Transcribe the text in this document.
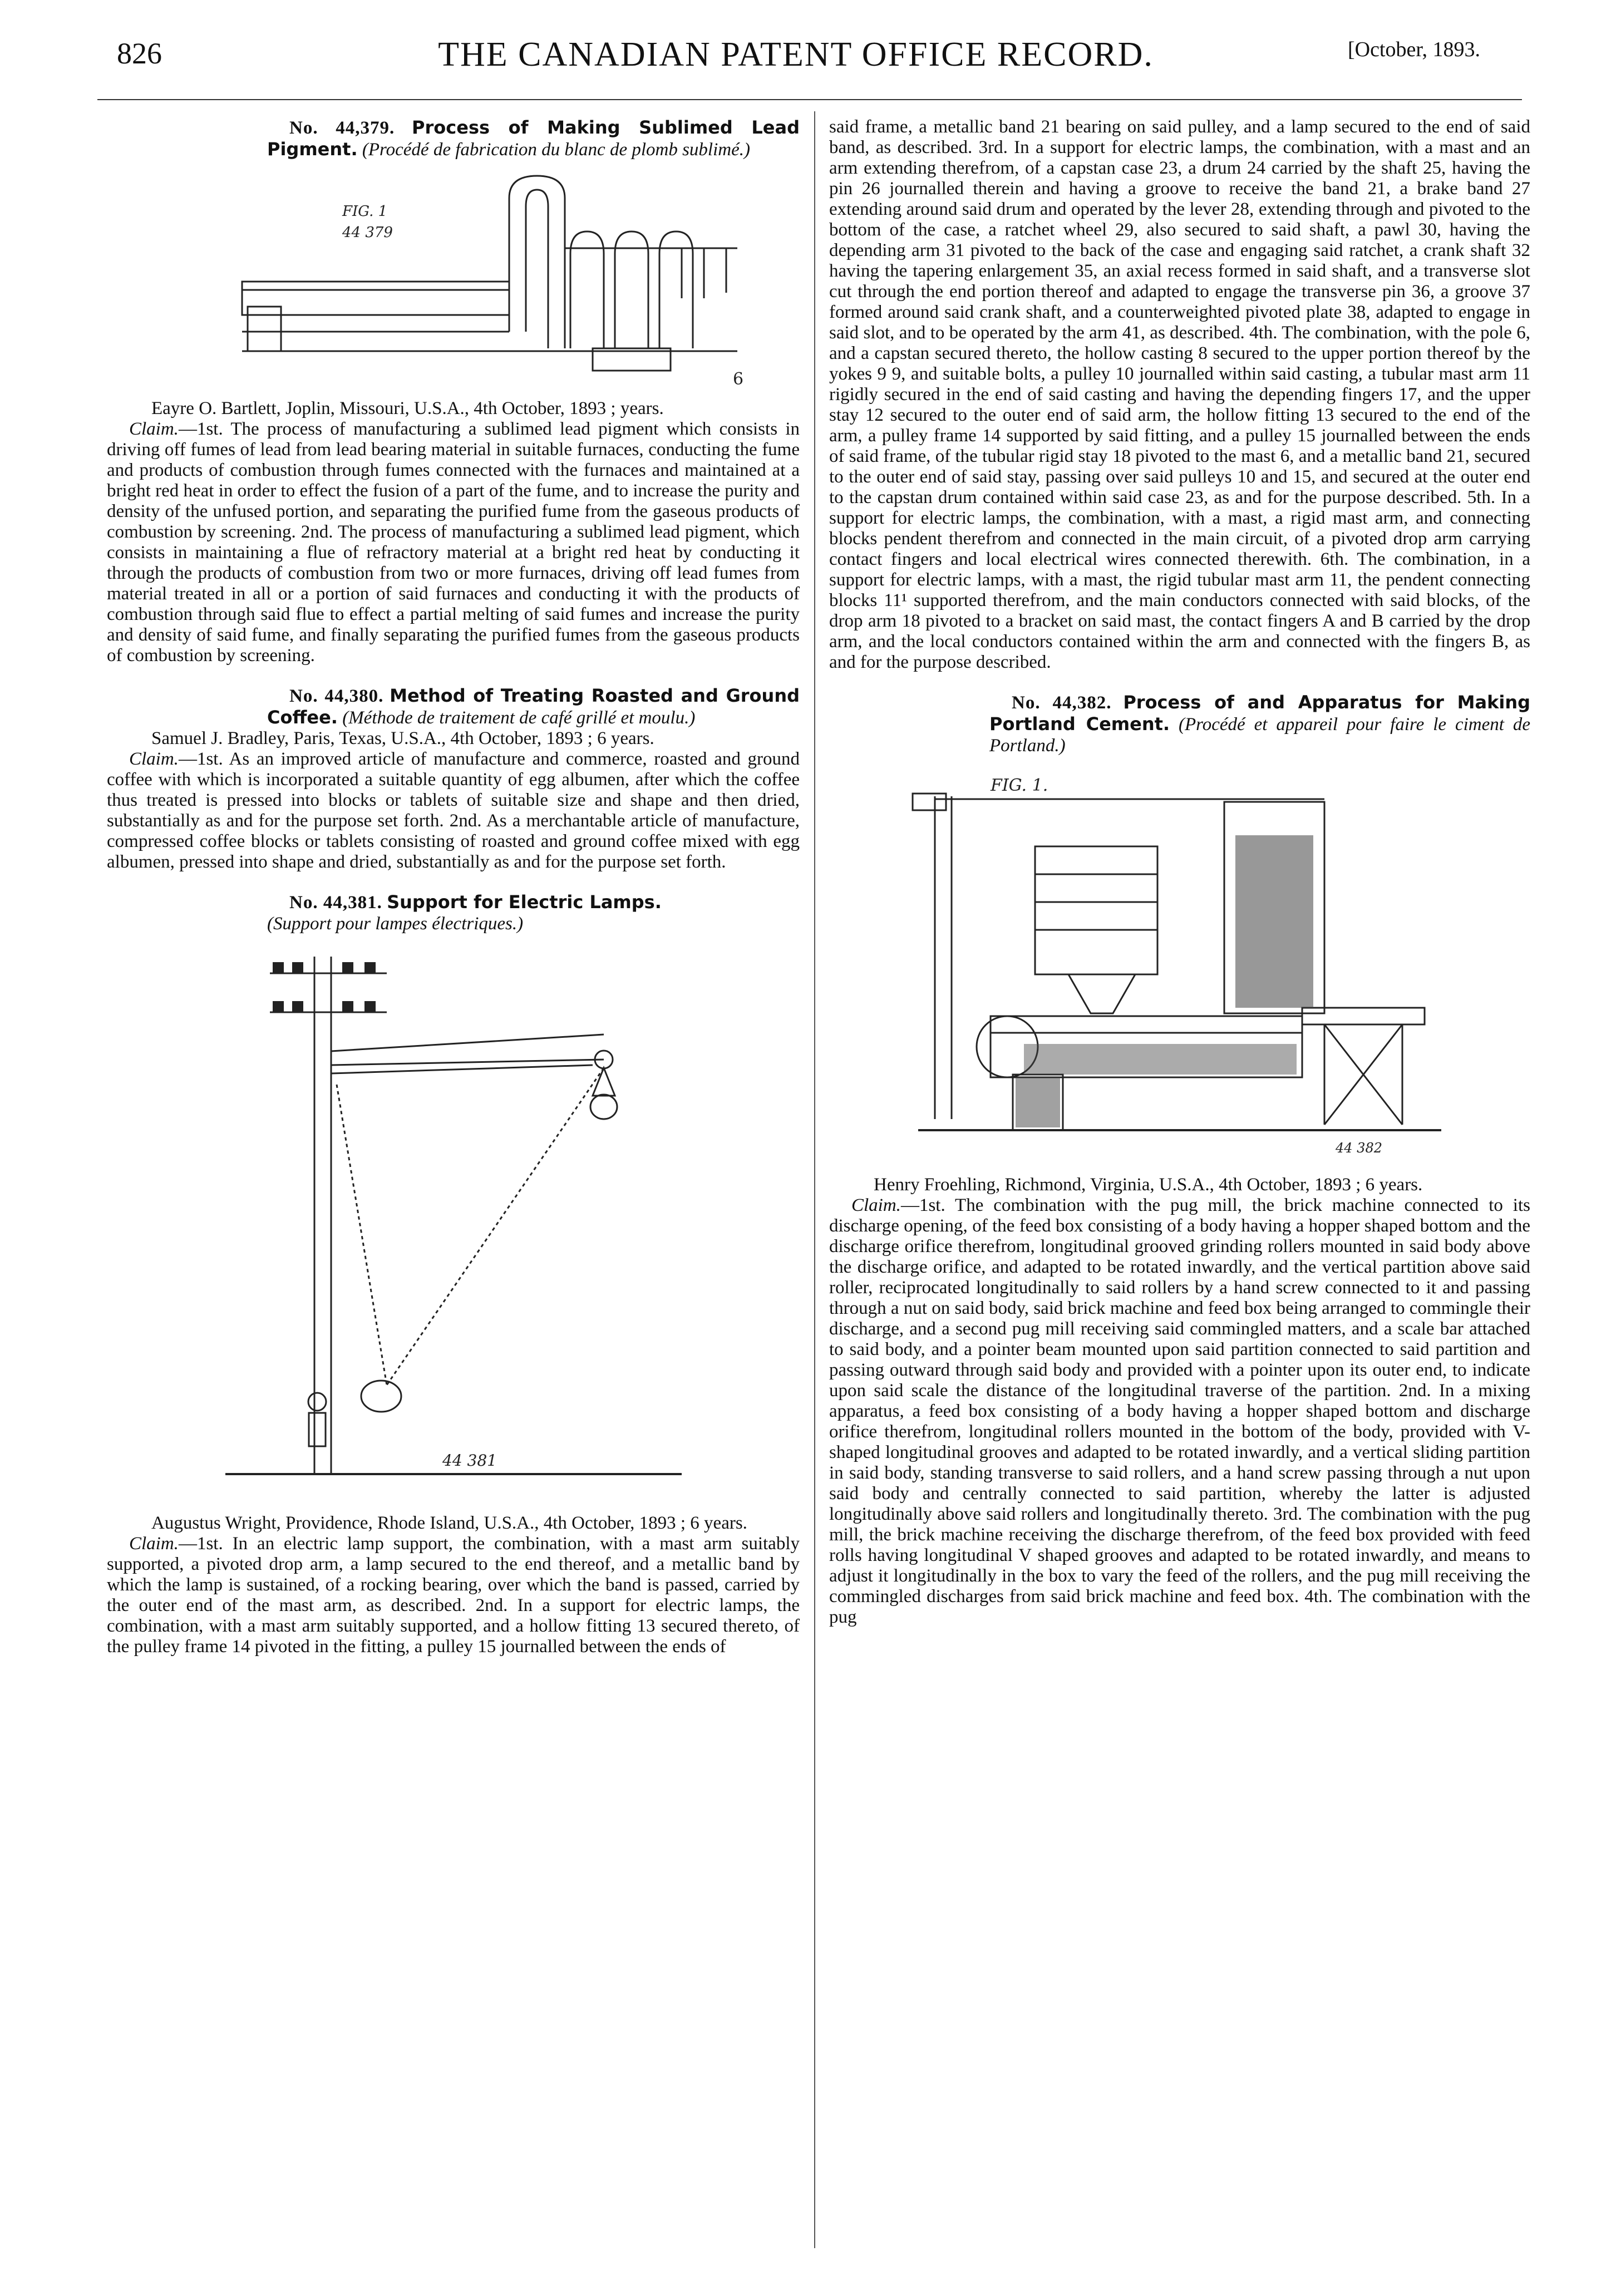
826	THE CANADIAN PATENT OFFICE RECORD.	[October, 1893.

No. 44,379. Process of Making Sublimed Lead Pigment. (Procédé de fabrication du blanc de plomb sublimé.)

FIG. 1
44 379
6

Eayre O. Bartlett, Joplin, Missouri, U.S.A., 4th October, 1893 ; years.

Claim.—1st. The process of manufacturing a sublimed lead pigment which consists in driving off fumes of lead from lead bearing material in suitable furnaces, conducting the fume and products of combustion through fumes connected with the furnaces and maintained at a bright red heat in order to effect the fusion of a part of the fume, and to increase the purity and density of the unfused portion, and separating the purified fume from the gaseous products of combustion by screening. 2nd. The process of manufacturing a sublimed lead pigment, which consists in maintaining a flue of refractory material at a bright red heat by conducting it through the products of combustion from two or more furnaces, driving off lead fumes from material treated in all or a portion of said furnaces and conducting it with the products of combustion through said flue to effect a partial melting of said fumes and increase the purity and density of said fume, and finally separating the purified fumes from the gaseous products of combustion by screening.

No. 44,380. Method of Treating Roasted and Ground Coffee. (Méthode de traitement de café grillé et moulu.)

Samuel J. Bradley, Paris, Texas, U.S.A., 4th October, 1893 ; 6 years.

Claim.—1st. As an improved article of manufacture and commerce, roasted and ground coffee with which is incorporated a suitable quantity of egg albumen, after which the coffee thus treated is pressed into blocks or tablets of suitable size and shape and then dried, substantially as and for the purpose set forth. 2nd. As a merchantable article of manufacture, compressed coffee blocks or tablets consisting of roasted and ground coffee mixed with egg albumen, pressed into shape and dried, substantially as and for the purpose set forth.

No. 44,381. Support for Electric Lamps.
(Support pour lampes électriques.)

44 381

Augustus Wright, Providence, Rhode Island, U.S.A., 4th October, 1893 ; 6 years.

Claim.—1st. In an electric lamp support, the combination, with a mast arm suitably supported, a pivoted drop arm, a lamp secured to the end thereof, and a metallic band by which the lamp is sustained, of a rocking bearing, over which the band is passed, carried by the outer end of the mast arm, as described. 2nd. In a support for electric lamps, the combination, with a mast arm suitably supported, and a hollow fitting 13 secured thereto, of the pulley frame 14 pivoted in the fitting, a pulley 15 journalled between the ends of

said frame, a metallic band 21 bearing on said pulley, and a lamp secured to the end of said band, as described. 3rd. In a support for electric lamps, the combination, with a mast and an arm extending therefrom, of a capstan case 23, a drum 24 carried by the shaft 25, having the pin 26 journalled therein and having a groove to receive the band 21, a brake band 27 extending around said drum and operated by the lever 28, extending through and pivoted to the bottom of the case, a ratchet wheel 29, also secured to said shaft, a pawl 30, having the depending arm 31 pivoted to the back of the case and engaging said ratchet, a crank shaft 32 having the tapering enlargement 35, an axial recess formed in said shaft, and a transverse slot cut through the end portion thereof and adapted to engage the transverse pin 36, a groove 37 formed around said crank shaft, and a counterweighted pivoted plate 38, adapted to engage in said slot, and to be operated by the arm 41, as described. 4th. The combination, with the pole 6, and a capstan secured thereto, the hollow casting 8 secured to the upper portion thereof by the yokes 9 9, and suitable bolts, a pulley 10 journalled within said casting, a tubular mast arm 11 rigidly secured in the end of said casting and having the depending fingers 17, and the upper stay 12 secured to the outer end of said arm, the hollow fitting 13 secured to the end of the arm, a pulley frame 14 supported by said fitting, and a pulley 15 journalled between the ends of said frame, of the tubular rigid stay 18 pivoted to the mast 6, and a metallic band 21, secured to the outer end of said stay, passing over said pulleys 10 and 15, and secured at the outer end to the capstan drum contained within said case 23, as and for the purpose described. 5th. In a support for electric lamps, the combination, with a mast, a rigid mast arm, and connecting blocks pendent therefrom and connected in the main circuit, of a pivoted drop arm carrying contact fingers and local electrical wires connected therewith. 6th. The combination, in a support for electric lamps, with a mast, the rigid tubular mast arm 11, the pendent connecting blocks 11¹ supported therefrom, and the main conductors connected with said blocks, of the drop arm 18 pivoted to a bracket on said mast, the contact fingers A and B carried by the drop arm, and the local conductors contained within the arm and connected with the fingers B, as and for the purpose described.

No. 44,382. Process of and Apparatus for Making Portland Cement. (Procédé et appareil pour faire le ciment de Portland.)

FIG. 1.
44 382

Henry Froehling, Richmond, Virginia, U.S.A., 4th October, 1893 ; 6 years.

Claim.—1st. The combination with the pug mill, the brick machine connected to its discharge opening, of the feed box consisting of a body having a hopper shaped bottom and the discharge orifice therefrom, longitudinal grooved grinding rollers mounted in said body above the discharge orifice, and adapted to be rotated inwardly, and the vertical partition above said roller, reciprocated longitudinally to said rollers by a hand screw connected to it and passing through a nut on said body, said brick machine and feed box being arranged to commingle their discharge, and a second pug mill receiving said commingled matters, and a scale bar attached to said body, and a pointer beam mounted upon said partition connected to said partition and passing outward through said body and provided with a pointer upon its outer end, to indicate upon said scale the distance of the longitudinal traverse of the partition. 2nd. In a mixing apparatus, a feed box consisting of a body having a hopper shaped bottom and discharge orifice therefrom, longitudinal rollers mounted in the bottom of the body, provided with V-shaped longitudinal grooves and adapted to be rotated inwardly, and a vertical sliding partition in said body, standing transverse to said rollers, and a hand screw passing through a nut upon said body and centrally connected to said partition, whereby the latter is adjusted longitudinally above said rollers and longitudinally thereto. 3rd. The combination with the pug mill, the brick machine receiving the discharge therefrom, of the feed box provided with feed rolls having longitudinal V shaped grooves and adapted to be rotated inwardly, and means to adjust it longitudinally in the box to vary the feed of the rollers, and the pug mill receiving the commingled discharges from said brick machine and feed box. 4th. The combination with the pug
